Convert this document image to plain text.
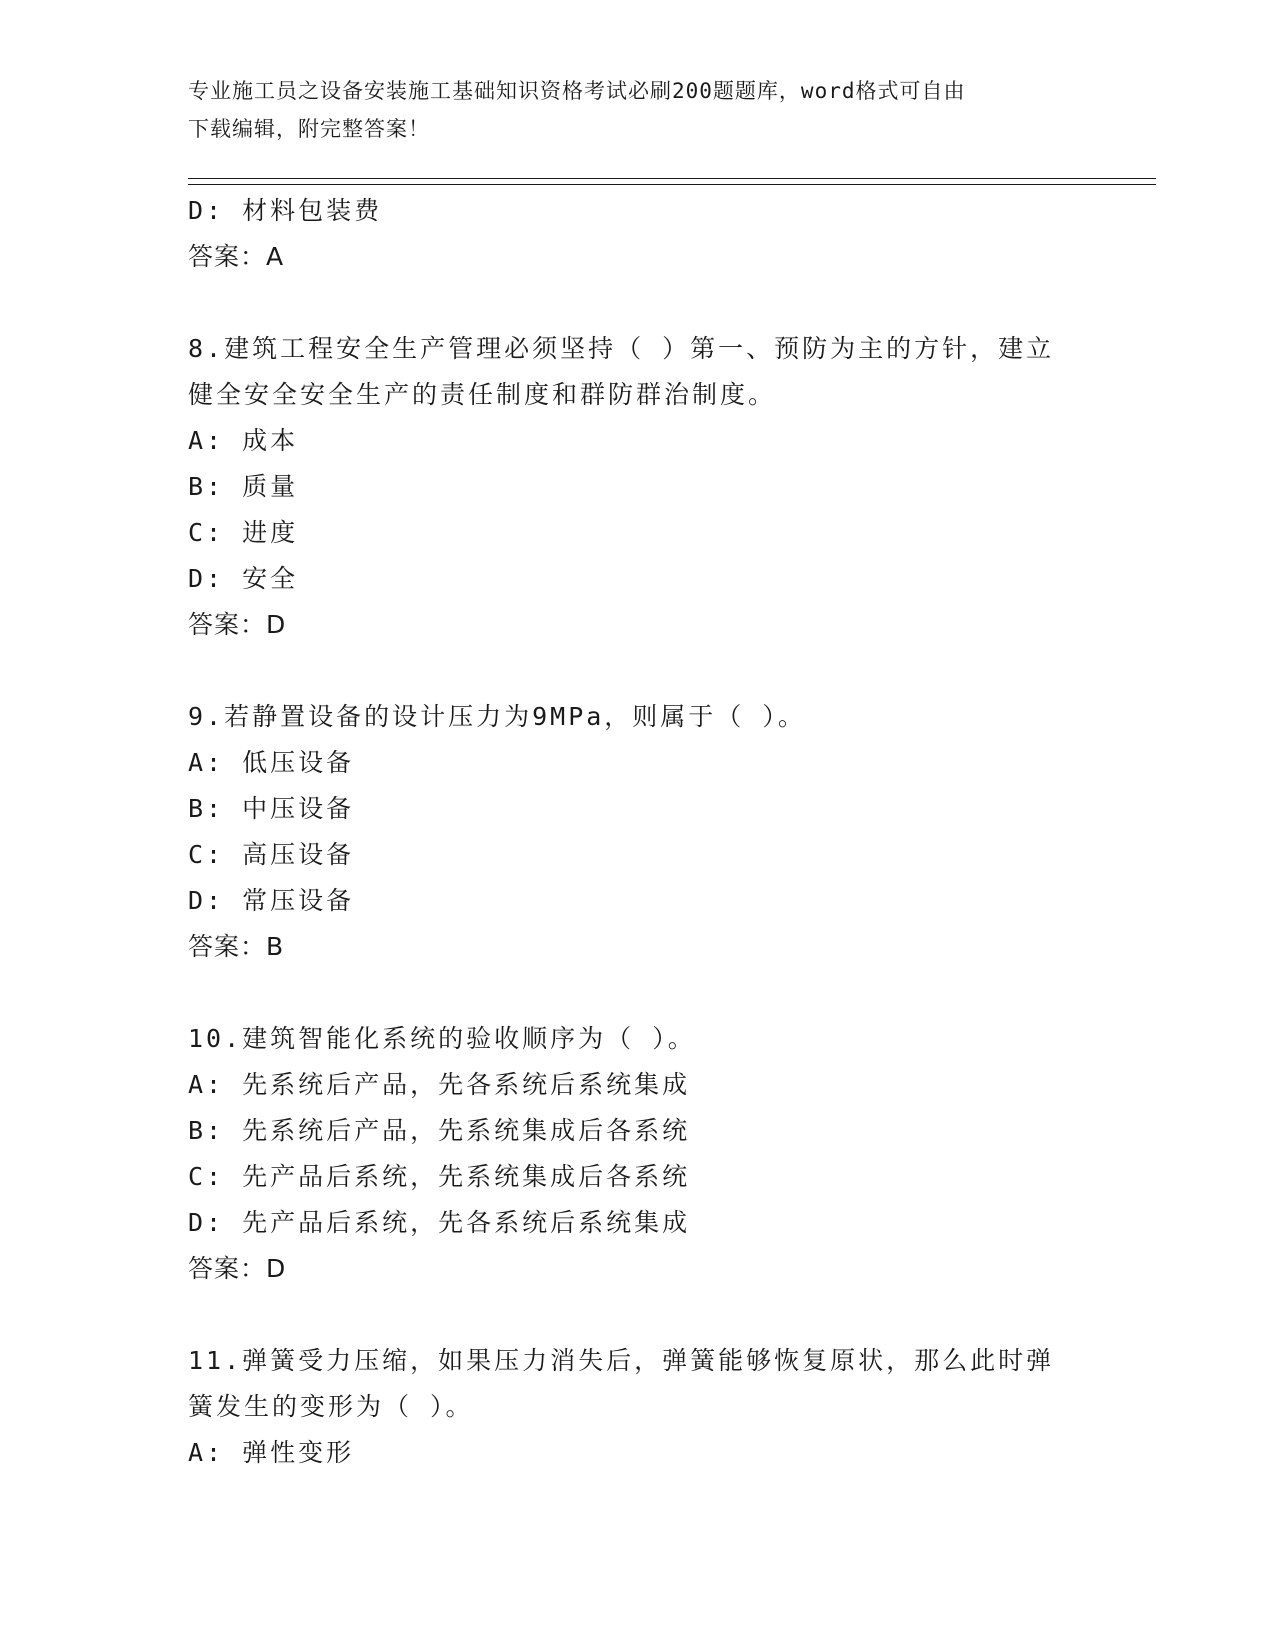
专业施工员之设备安装施工基础知识资格考试必刷200题题库，word格式可自由
下载编辑，附完整答案！
D: 材料包装费
答案：A
8.建筑工程安全生产管理必须坚持（ ）第一、预防为主的方针，建立
健全安全安全生产的责任制度和群防群治制度。
A: 成本
B: 质量
C: 进度
D: 安全
答案：D
9.若静置设备的设计压力为9MPa，则属于（ ）。
A: 低压设备
B: 中压设备
C: 高压设备
D: 常压设备
答案：B
10.建筑智能化系统的验收顺序为（ ）。
A: 先系统后产品，先各系统后系统集成
B: 先系统后产品，先系统集成后各系统
C: 先产品后系统，先系统集成后各系统
D: 先产品后系统，先各系统后系统集成
答案：D
11.弹簧受力压缩，如果压力消失后，弹簧能够恢复原状，那么此时弹
簧发生的变形为（ ）。
A: 弹性变形
